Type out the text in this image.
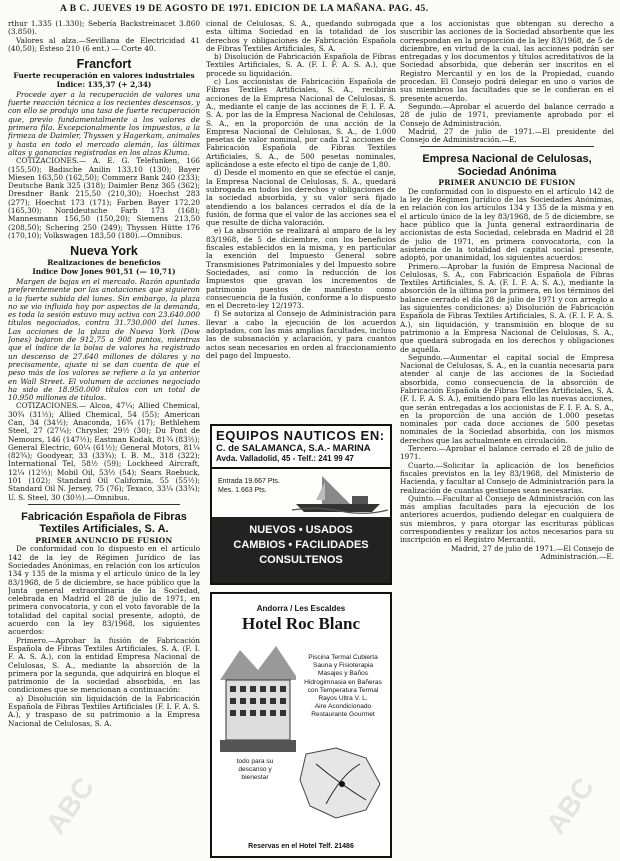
A B C. JUEVES 19 DE AGOSTO DE 1971. EDICION DE LA MAÑANA. PAG. 45.

rthur 1.335 (1.330); Sebería Backstreinacet 3.860 (3.850).

Valores al alza.—Sevillana de Electricidad 41 (40,50); Esteso 210 (6 ent.) — Corte 40.

Francfort
Fuerte recuperación en valores industriales
Indice: 135,37 (+ 2,34)

Procede ayer a la recuperación de valores una fuerte reacción técnica a los recientes descensos, y con ello se produjo una tasa de fuerte recuperación que, previo fundamentalmente a los valores de primera fila. Excepcionalmente los impuestos, a la firmeza de Daimler, Thyssen y Hagerkam, animales y hasta en todo el mercado alemán, las últimas altas y ganancias registradas en los alzas Kluma.

COTIZACIONES.— A. E. G. Telefunken, 166 (155,50); Badische Anilin 133,10 (130); Bayer Miesen 163,50 (162,50); Commerz Bank 240 (233); Deutsche Bank 325 (318); Daimler Benz 365 (362); Dresdner Bank 215,50 (210,30); Hoechst 283 (277); Hoechst 173 (171); Farben Bayer 172,20 (165,30); Norddeutsche Farb 173 (168); Mannesmann 156,50 (150,20); Siemens 213,50 (208,50); Schering 250 (249); Thyssen Hütte 176 (170,10); Volkswagen 183,50 (180).—Omnibus.

Nueva York
Realizaciones de beneficios
Indice Dow Jones 901,51 (— 10,71)

Margen de bajas en el mercado. Razón apuntada preferentemente por las anotaciones que siguieron a la fuerte subida del lunes. Sin embargo, la plaza no se vio influida hoy por aspectos de la demanda, es toda la sesión estuvo muy activa con 23.640.000 títulos negociados, contra 31.730.000 del lunes. Las acciones de la plaza de Nueva York (Dow Jones) bajaron de 912,75 a 908 puntos, mientras que el índice de la bolsa de valores ha registrado un descenso de 27.640 millones de dólares y no precisamente, ajuste ni se dan cuenta de que el peso más de los valores se refiere a la ya anterior en Wall Street. El volumen de acciones negociado ha sido de 18.950.000 títulos con un total de 10.950 millones de títulos.

COTIZACIONES.— Alcoa, 47¼; Allied Chemical, 30¾ (31½); Allied Chemical, 54 (55); American Can, 34 (34½); Anaconda, 16¾ (17); Bethlehem Steel, 27 (27¼); Chrysler, 29½ (30); Du Pont de Nemours, 146 (147½); Eastman Kodak, 81¾ (83½); General Electric, 60¼ (61½); General Motors, 81¼ (82¾); Goodyear, 33 (33¾); I. B. M., 318 (322); International Tel, 58½ (59); Lockheed Aircraft, 12¼ (12½); Mobil Oil, 53½ (54); Sears Roebuck, 101 (102); Standard Oil California, 55 (55½); Standard Oil N. Jersey, 75 (76); Texaco, 33¼ (33¾); U. S. Steel, 30 (30½).—Omnibus.

Fabricación Española de Fibras Textiles Artificiales, S. A.
PRIMER ANUNCIO DE FUSION

De conformidad con lo dispuesto en el artículo 142 de la ley de Régimen Jurídico de las Sociedades Anónimas, en relación con los artículos 134 y 135 de la misma y el artículo único de la ley 83/1968, de 5 de diciembre, se hace público que la Junta general extraordinaria de la Sociedad, celebrada en Madrid el 28 de julio de 1971, en primera convocatoria, y con el voto favorable de la totalidad del capital social presente, adoptó, de acuerdo con la ley 83/1968, los siguientes acuerdos:

Primero.—Aprobar la fusión de Fabricación Española de Fibras Textiles Artificiales, S. A. (F. I. F. A. S. A.), con la entidad Empresa Nacional de Celulosas, S. A., mediante la absorción de la primera por la segunda, que adquirirá en bloque el patrimonio de la sociedad absorbida, en las condiciones que se mencionan a continuación:

a) Disolución sin liquidación de la Fabricación Española de Fibras Textiles Artificiales (F. I. F. A. S. A.), y traspaso de su patrimonio a la Empresa Nacional de Celulosas, S. A.

cional de Celulosas, S. A., quedando subrogada esta última Sociedad en la totalidad de los derechos y obligaciones de Fabricación Española de Fibras Textiles Artificiales, S. A.

b) Disolución de Fabricación Española de Fibras Textiles Artificiales, S. A. (F. I. F. A. S. A.), que procede su liquidación.

c) Los accionistas de Fabricación Española de Fibras Textiles Artificiales, S. A., recibirán acciones de la Empresa Nacional de Celulosas, S. A., mediante el canje de las acciones de F. I. F. A. S. A. por las de la Empresa Nacional de Celulosas, S. A., en la proporción de una acción de la Empresa Nacional de Celulosas, S. A., de 1.000 pesetas de valor nominal, por cada 12 acciones de Fabricación Española de Fibras Textiles Artificiales, S. A., de 500 pesetas nominales, aplicándose a este efecto el tipo de canje de 1,80.

d) Desde el momento en que se efectúe el canje, la Empresa Nacional de Celulosas, S. A., quedará subrogada en todos los derechos y obligaciones de la sociedad absorbida, y su valor será fijado atendiendo a los balances cerrados el día de la fusión, de forma que el valor de las acciones sea el que resulte de dicha valoración.

e) La absorción se realizará al amparo de la ley 83/1968, de 5 de diciembre, con los beneficios fiscales establecidos en la misma, y en particular la exención del Impuesto General sobre Transmisiones Patrimoniales y del Impuesto sobre Sociedades, así como la reducción de los Impuestos que gravan los incrementos de patrimonio puestos de manifiesto como consecuencia de la fusión, conforme a lo dispuesto en el Decreto-ley 12/1973.

f) Se autoriza al Consejo de Administración para llevar a cabo la ejecución de los acuerdos adoptados, con las más amplias facultades, incluso las de subsanación y aclaración, y para cuantos actos sean necesarios en orden al fraccionamiento del pago del Impuesto.

EQUIPOS NAUTICOS EN:
C. de SALAMANCA, S.A.- MARINA
Avda. Valladolid, 45 - Telf.: 241 99 47
Entrada 19.667 Pts.
Mes. 1.663 Pts.
NUEVOS • USADOS
CAMBIOS • FACILIDADES
CONSULTENOS
Andorra / Les Escaldes
Hotel Roc Blanc
Piscina Termal Cubierta
Sauna y Fisioterapia
Masajes y Baños
Hidrogimnasia en Bañeras
con Temperatura Termal
Rayos Ultra V. L.
Aire Acondicionado
Restaurante Gourmet
todo para su
descanso y
bienestar
Reservas en el Hotel Telf. 21486

que a los accionistas que obtengan su derecho a suscribir las acciones de la Sociedad absorbente que les correspondan en la proporción de la ley 83/1968, de 5 de diciembre, en virtud de la cual, las acciones podrán ser entregadas y los documentos y títulos acreditativos de la Sociedad absorbida, que deberán ser inscritos en el Registro Mercantil y en los de la Propiedad, cuando procedan. El Consejo podrá delegar en uno o varios de sus miembros las facultades que se le confieran en el presente acuerdo.

Segundo.—Aprobar el acuerdo del balance cerrado a 28 de julio de 1971, previamente aprobado por el Consejo de Administración.

Madrid, 27 de julio de 1971.—El presidente del Consejo de Administración.—E.

Empresa Nacional de Celulosas, Sociedad Anónima
PRIMER ANUNCIO DE FUSION

De conformidad con lo dispuesto en el artículo 142 de la ley de Régimen Jurídico de las Sociedades Anónimas, en relación con los artículos 134 y 135 de la misma y en el artículo único de la ley 83/1968, de 5 de diciembre, se hace público que la Junta general extraordinaria de accionistas de esta Sociedad, celebrada en Madrid el 28 de julio de 1971, en primera convocatoria, con la asistencia de la totalidad del capital social presente, adoptó, por unanimidad, los siguientes acuerdos:

Primero.—Aprobar la fusión de Empresa Nacional de Celulosas, S. A., con Fabricación Española de Fibras Textiles Artificiales, S. A. (F. I. F. A. S. A.), mediante la absorción de la última por la primera, en los términos del balance cerrado el día 28 de julio de 1971 y con arreglo a las siguientes condiciones: a) Disolución de Fabricación Española de Fibras Textiles Artificiales, S. A. (F. I. F. A. S. A.), sin liquidación, y transmisión en bloque de su patrimonio a la Empresa Nacional de Celulosas, S. A., que quedará subrogada en los derechos y obligaciones de aquélla.

Segundo.—Aumentar el capital social de Empresa Nacional de Celulosas, S. A., en la cuantía necesaria para atender al canje de las acciones de la Sociedad absorbida, como consecuencia de la absorción de Fabricación Española de Fibras Textiles Artificiales, S. A. (F. I. F. A. S. A.), emitiendo para ello las nuevas acciones, que serán entregadas a los accionistas de F. I. F. A. S. A., en la proporción de una acción de 1.000 pesetas nominales por cada doce acciones de 500 pesetas nominales de la Sociedad absorbida, con los mismos derechos que las actualmente en circulación.

Tercero.—Aprobar el balance cerrado el 28 de julio de 1971.

Cuarto.—Solicitar la aplicación de los beneficios fiscales previstos en la ley 83/1968, del Ministerio de Hacienda, y facultar al Consejo de Administración para la realización de cuantas gestiones sean necesarias.

Quinto.—Facultar al Consejo de Administración con las más amplias facultades para la ejecución de los anteriores acuerdos, pudiendo delegar en cualquiera de sus miembros, y para otorgar las escrituras públicas correspondientes y realizar los actos necesarios para su inscripción en el Registro Mercantil.

Madrid, 27 de julio de 1971.—El Consejo de Administración.—E.

ABC	ABC
